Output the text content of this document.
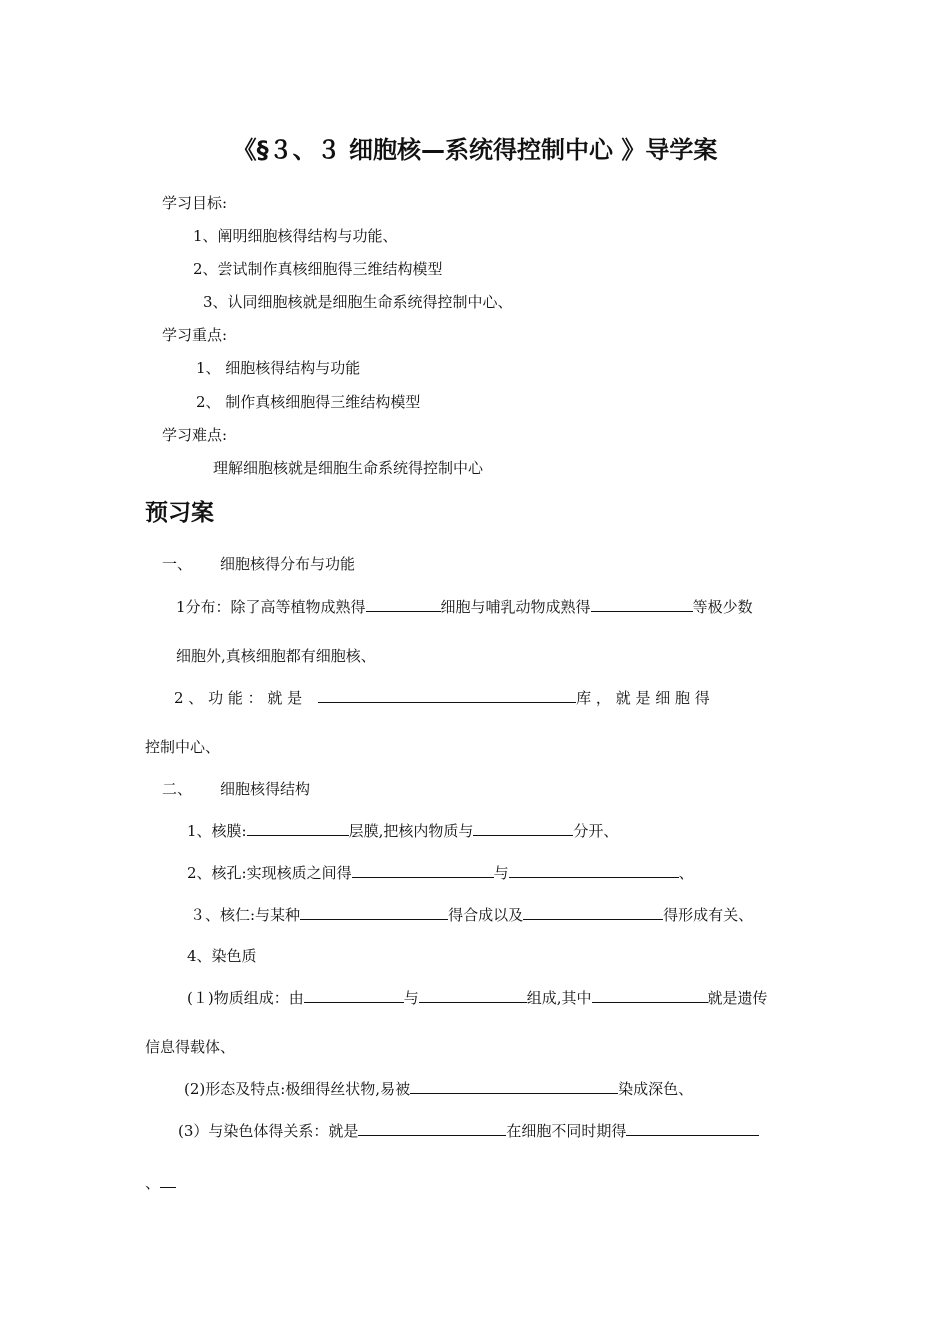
《§３、３ 细胞核—系统得控制中心 》导学案
学习目标:
1、阐明细胞核得结构与功能、
2、尝试制作真核细胞得三维结构模型
3、认同细胞核就是细胞生命系统得控制中心、
学习重点:
1、 细胞核得结构与功能
2、 制作真核细胞得三维结构模型
学习难点:
理解细胞核就是细胞生命系统得控制中心
预习案
一、 细胞核得分布与功能
1分布：除了高等植物成熟得	细胞与哺乳动物成熟得	等极少数
细胞外,真核细胞都有细胞核、
2 、 功 能 ： 就 是	库 ， 就 是 细 胞 得
控制中心、
二、 细胞核得结构
1、核膜:	层膜,把核内物质与	分开、
2、核孔:实现核质之间得	与	、
３、核仁:与某种	得合成以及	得形成有关、
4、染色质
(１)物质组成：由	与	组成,其中	就是遗传
信息得载体、
(2)形态及特点:极细得丝状物,易被	染成深色、
(3）与染色体得关系：就是	在细胞不同时期得
、
